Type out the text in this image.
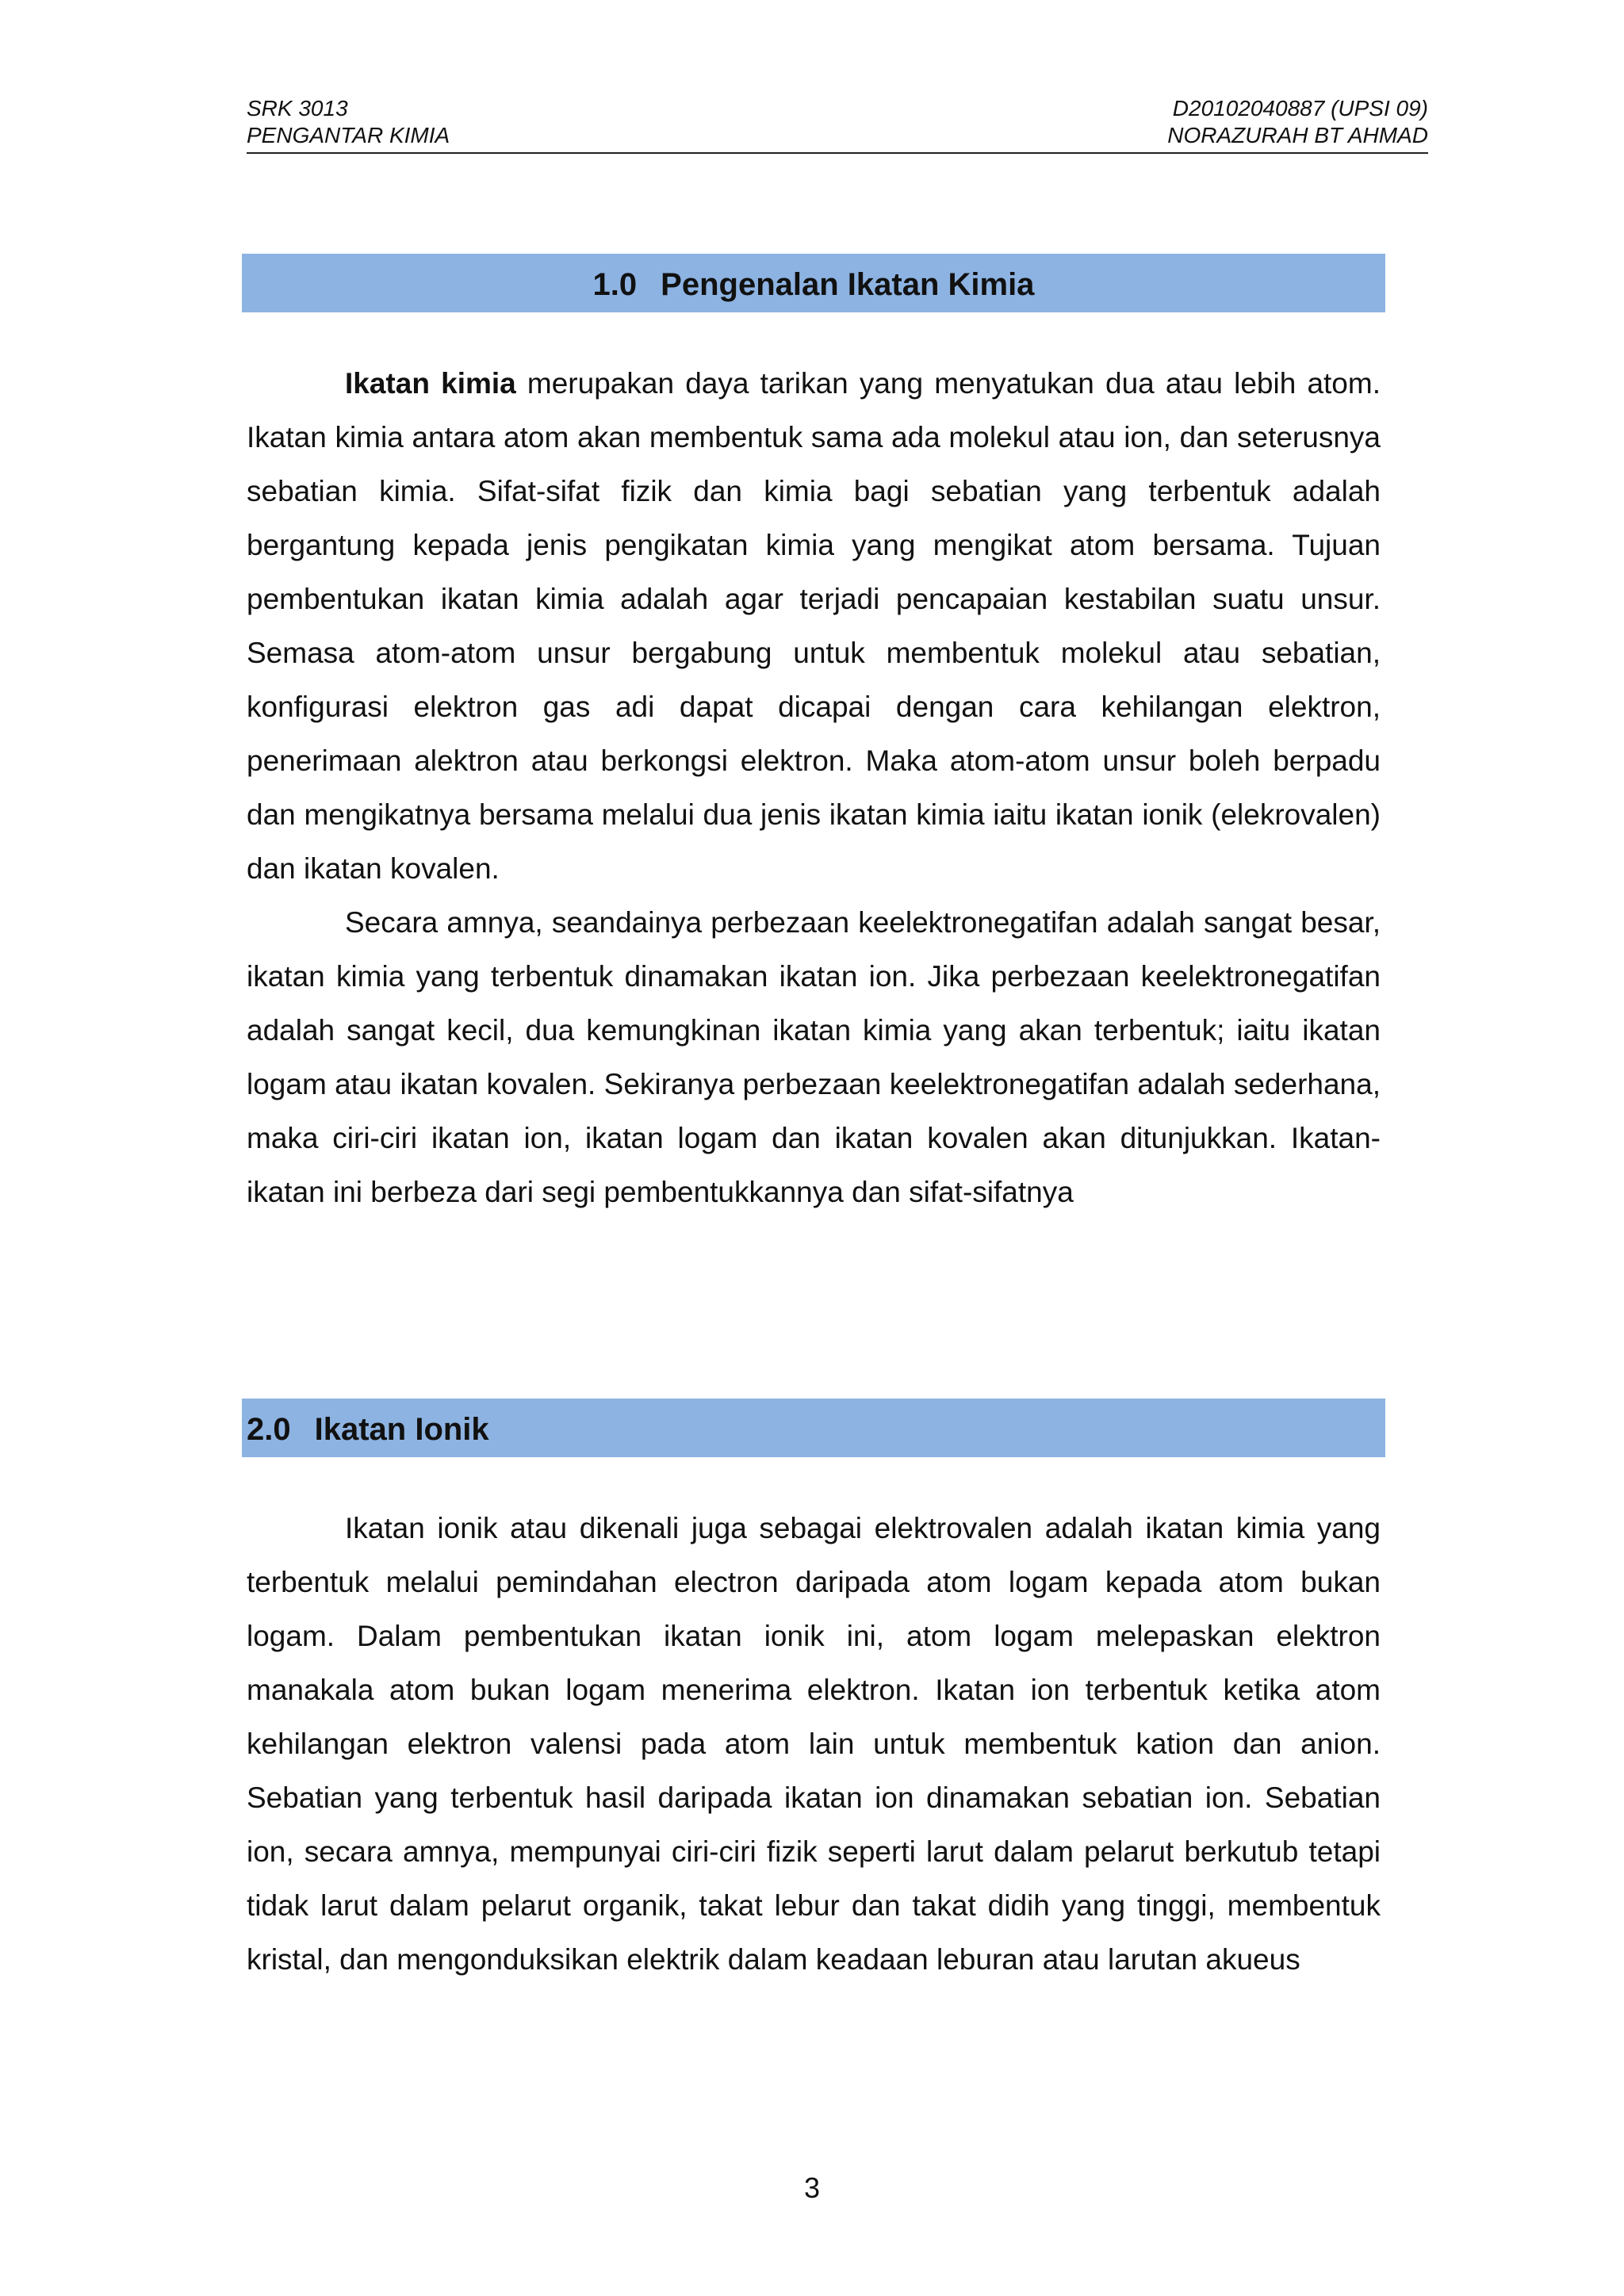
SRK 3013
PENGANTAR KIMIA
D20102040887 (UPSI 09)
NORAZURAH BT AHMAD
1.0 Pengenalan Ikatan Kimia

Ikatan kimia merupakan daya tarikan yang menyatukan dua atau lebih atom. Ikatan kimia antara atom akan membentuk sama ada molekul atau ion, dan seterusnya sebatian kimia. Sifat-sifat fizik dan kimia bagi sebatian yang terbentuk adalah bergantung kepada jenis pengikatan kimia yang mengikat atom bersama. Tujuan pembentukan ikatan kimia adalah agar terjadi pencapaian kestabilan suatu unsur. Semasa atom-atom unsur bergabung untuk membentuk molekul atau sebatian, konfigurasi elektron gas adi dapat dicapai dengan cara kehilangan elektron, penerimaan alektron atau berkongsi elektron. Maka atom-atom unsur boleh berpadu dan mengikatnya bersama melalui dua jenis ikatan kimia iaitu ikatan ionik (elekrovalen) dan ikatan kovalen.

Secara amnya, seandainya perbezaan keelektronegatifan adalah sangat besar, ikatan kimia yang terbentuk dinamakan ikatan ion. Jika perbezaan keelektronegatifan adalah sangat kecil, dua kemungkinan ikatan kimia yang akan terbentuk; iaitu ikatan logam atau ikatan kovalen. Sekiranya perbezaan keelektronegatifan adalah sederhana, maka ciri-ciri ikatan ion, ikatan logam dan ikatan kovalen akan ditunjukkan. Ikatan-ikatan ini berbeza dari segi pembentukkannya dan sifat-sifatnya

2.0 Ikatan Ionik

Ikatan ionik atau dikenali juga sebagai elektrovalen adalah ikatan kimia yang terbentuk melalui pemindahan electron daripada atom logam kepada atom bukan logam. Dalam pembentukan ikatan ionik ini, atom logam melepaskan elektron manakala atom bukan logam menerima elektron. Ikatan ion terbentuk ketika atom kehilangan elektron valensi pada atom lain untuk membentuk kation dan anion. Sebatian yang terbentuk hasil daripada ikatan ion dinamakan sebatian ion. Sebatian ion, secara amnya, mempunyai ciri-ciri fizik seperti larut dalam pelarut berkutub tetapi tidak larut dalam pelarut organik, takat lebur dan takat didih yang tinggi, membentuk kristal, dan mengonduksikan elektrik dalam keadaan leburan atau larutan akueus

3
